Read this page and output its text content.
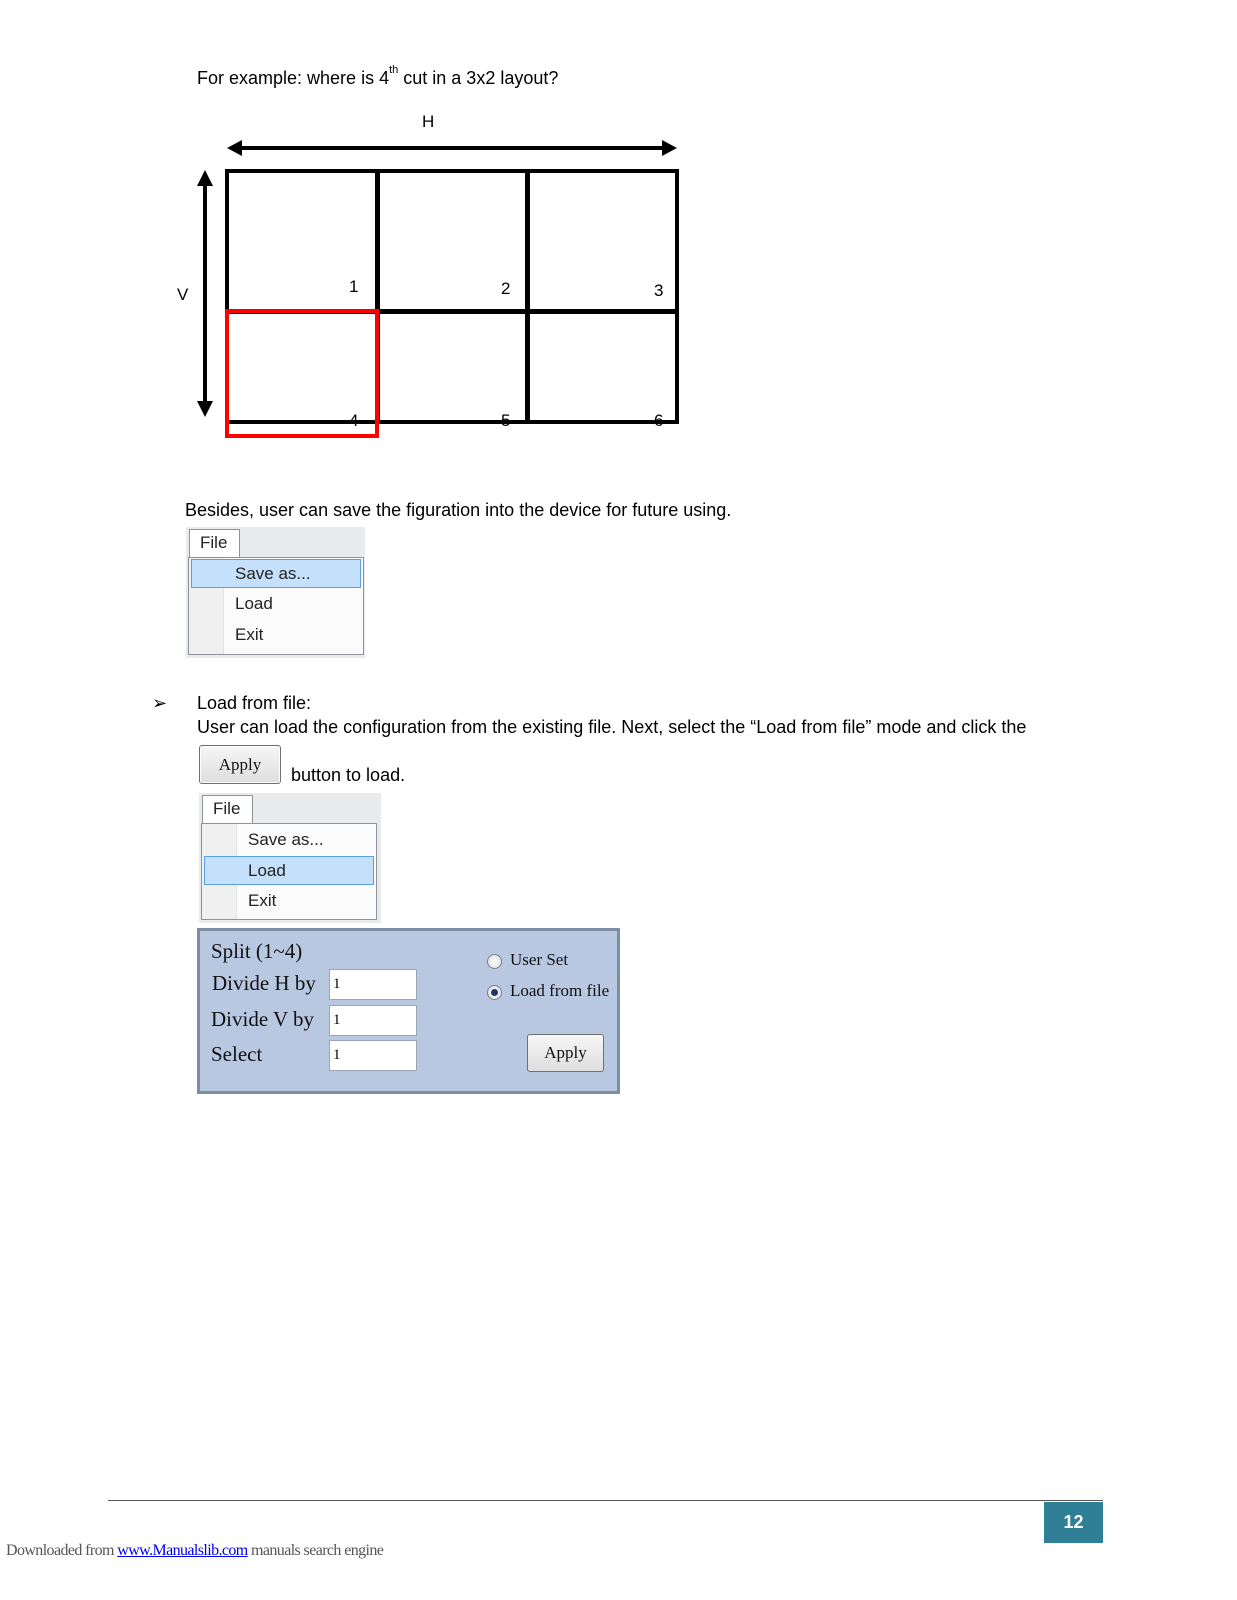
For example: where is 4th cut in a 3x2 layout?
H
V	1	2	3
4	5	6
Besides, user can save the figuration into the device for future using.
File
Save as...
Load
Exit
➢ Load from file:
User can load the configuration from the existing file. Next, select the “Load from file” mode and click the
Apply
button to load.
File
Save as...
Load
Exit
Split (1~4)
Divide H by 1
Divide V by 1
Select	1
User Set
Load from file
Apply
12
Downloaded from www.Manualslib.com manuals search engine
